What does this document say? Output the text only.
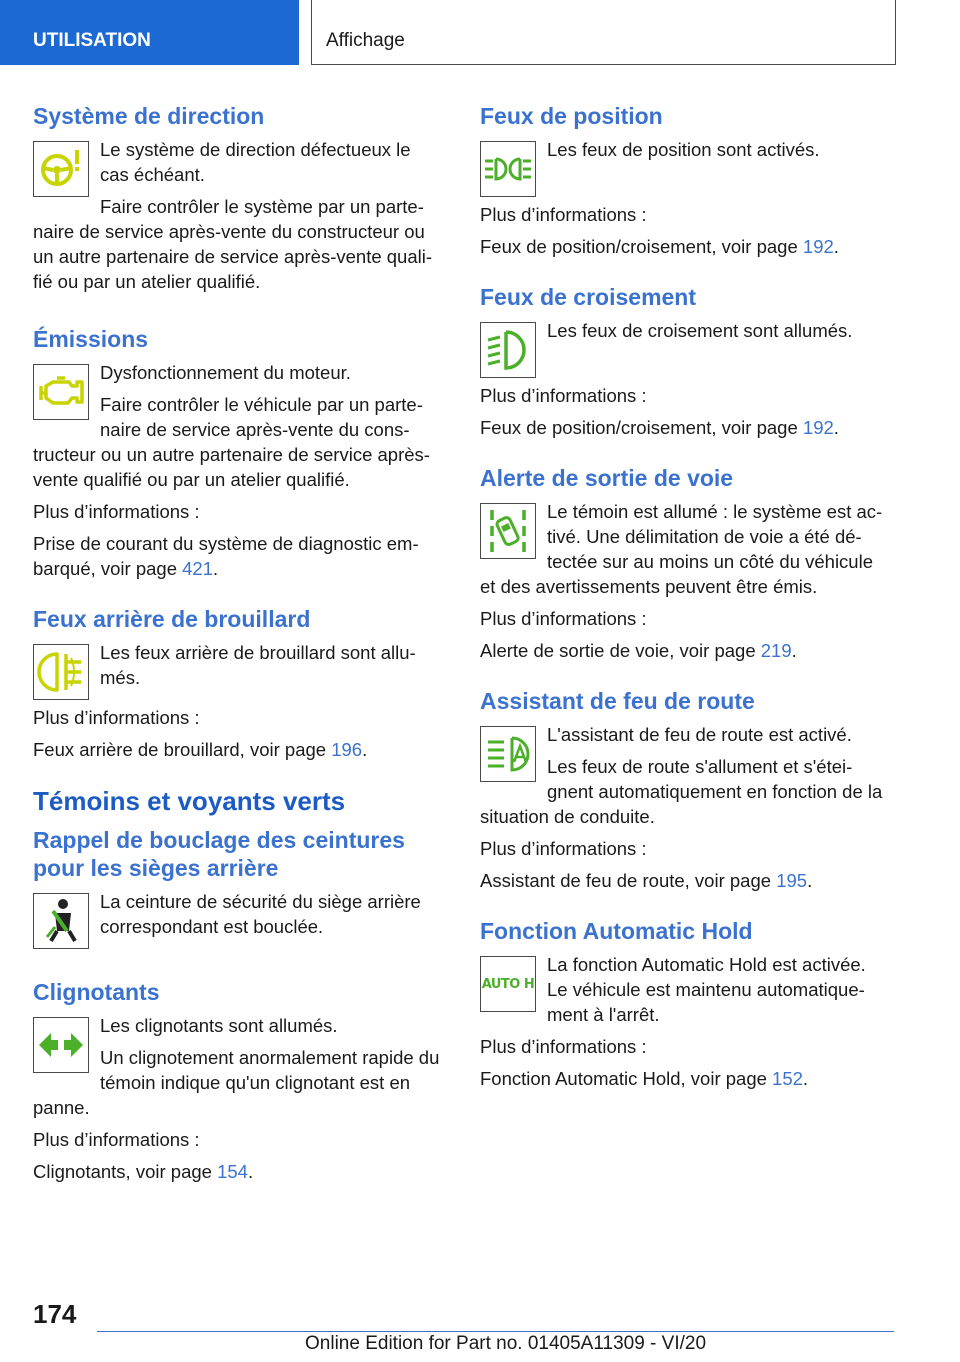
UTILISATION	Affichage
Système de direction
Le système de direction défectueux le cas échéant.
Faire contrôler le système par un parte-naire de service après-vente du constructeur ou un autre partenaire de service après-vente quali-fié ou par un atelier qualifié.
Émissions
Dysfonctionnement du moteur.
Faire contrôler le véhicule par un parte-naire de service après-vente du cons-tructeur ou un autre partenaire de service après-vente qualifié ou par un atelier qualifié.
Plus d’informations :
Prise de courant du système de diagnostic em-barqué, voir page 421.
Feux arrière de brouillard
Les feux arrière de brouillard sont allu-més.
Plus d’informations :
Feux arrière de brouillard, voir page 196.
Témoins et voyants verts
Rappel de bouclage des ceintures pour les sièges arrière
La ceinture de sécurité du siège arrière correspondant est bouclée.
Clignotants
Les clignotants sont allumés.
Un clignotement anormalement rapide du témoin indique qu'un clignotant est en panne.
Plus d’informations :
Clignotants, voir page 154.
Feux de position
Les feux de position sont activés.
Plus d’informations :
Feux de position/croisement, voir page 192.
Feux de croisement
Les feux de croisement sont allumés.
Plus d’informations :
Feux de position/croisement, voir page 192.
Alerte de sortie de voie
Le témoin est allumé : le système est ac-tivé. Une délimitation de voie a été dé-tectée sur au moins un côté du véhicule et des avertissements peuvent être émis.
Plus d’informations :
Alerte de sortie de voie, voir page 219.
Assistant de feu de route
L'assistant de feu de route est activé.
Les feux de route s'allument et s'étei-gnent automatiquement en fonction de la situation de conduite.
Plus d’informations :
Assistant de feu de route, voir page 195.
Fonction Automatic Hold
AUTO H
La fonction Automatic Hold est activée. Le véhicule est maintenu automatique-ment à l'arrêt.
Plus d’informations :
Fonction Automatic Hold, voir page 152.
174
Online Edition for Part no. 01405A11309 - VI/20
